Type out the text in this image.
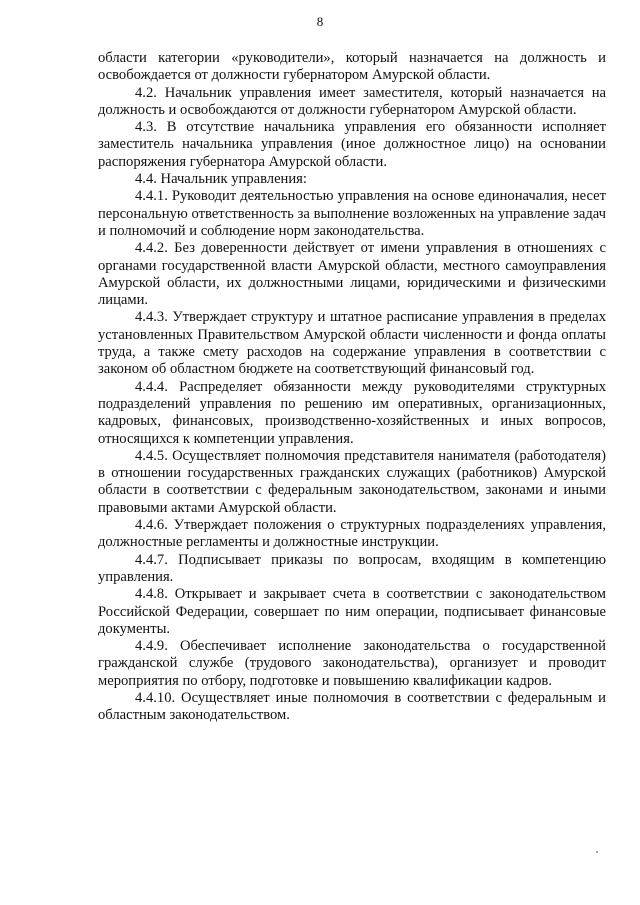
8

области категории «руководители», который назначается на должность и освобождается от должности губернатором Амурской области.

4.2. Начальник управления имеет заместителя, который назначается на должность и освобождаются от должности губернатором Амурской области.

4.3. В отсутствие начальника управления его обязанности исполняет заместитель начальника управления (иное должностное лицо) на основании распоряжения губернатора Амурской области.

4.4. Начальник управления:

4.4.1. Руководит деятельностью управления на основе единоначалия, несет персональную ответственность за выполнение возложенных на управление задач и полномочий и соблюдение норм законодательства.

4.4.2. Без доверенности действует от имени управления в отношениях с органами государственной власти Амурской области, местного самоуправления Амурской области, их должностными лицами, юридическими и физическими лицами.

4.4.3. Утверждает структуру и штатное расписание управления в пределах установленных Правительством Амурской области численности и фонда оплаты труда, а также смету расходов на содержание управления в соответствии с законом об областном бюджете на соответствующий финансовый год.

4.4.4. Распределяет обязанности между руководителями структурных подразделений управления по решению им оперативных, организационных, кадровых, финансовых, производственно-хозяйственных и иных вопросов, относящихся к компетенции управления.

4.4.5. Осуществляет полномочия представителя нанимателя (работодателя) в отношении государственных гражданских служащих (работников) Амурской области в соответствии с федеральным законодательством, законами и иными правовыми актами Амурской области.

4.4.6. Утверждает положения о структурных подразделениях управления, должностные регламенты и должностные инструкции.

4.4.7. Подписывает приказы по вопросам, входящим в компетенцию управления.

4.4.8. Открывает и закрывает счета в соответствии с законодательством Российской Федерации, совершает по ним операции, подписывает финансовые документы.

4.4.9. Обеспечивает исполнение законодательства о государственной гражданской службе (трудового законодательства), организует и проводит мероприятия по отбору, подготовке и повышению квалификации кадров.

4.4.10. Осуществляет иные полномочия в соответствии с федеральным и областным законодательством.
